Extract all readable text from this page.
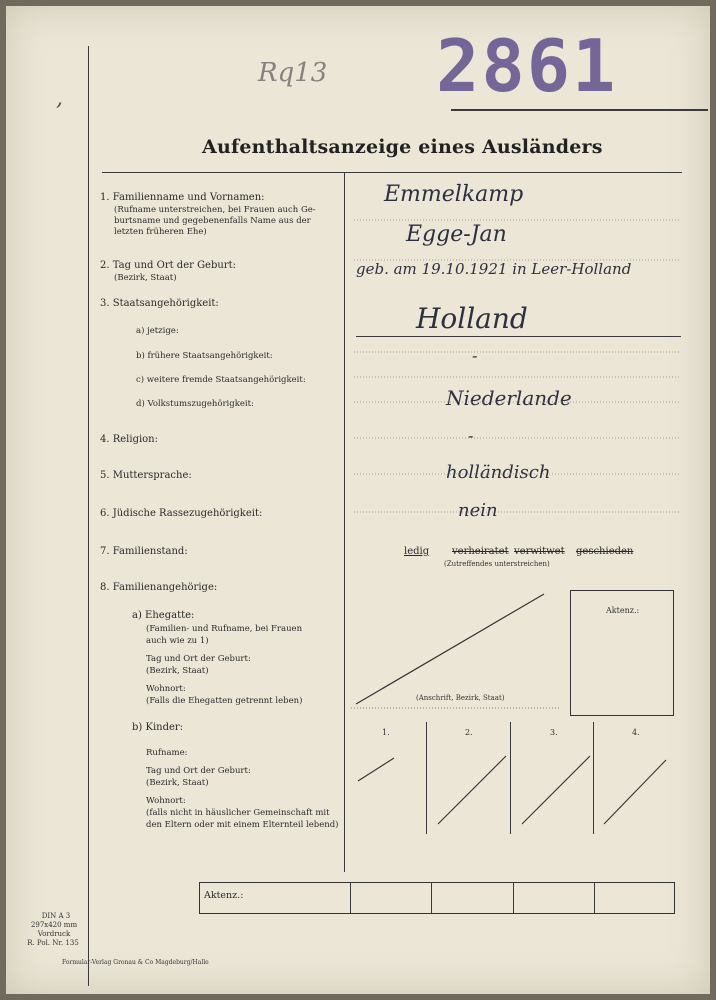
,
Rq13 2861
Aufenthaltsanzeige eines Ausländers
1. Familienname und Vornamen:
(Rufname unterstreichen, bei Frauen auch Ge-
burtsname und gegebenenfalls Name aus der
letzten früheren Ehe)
Emmelkamp
Egge-Jan
2. Tag und Ort der Geburt:
(Bezirk, Staat)	geb. am 19.10.1921 in Leer-Holland
3. Staatsangehörigkeit:
a) jetzige:	Holland
b) frühere Staatsangehörigkeit:	-
c) weitere fremde Staatsangehörigkeit:
d) Volkstumszugehörigkeit:	Niederlande
4. Religion:	-
5. Muttersprache:	holländisch
6. Jüdische Rassezugehörigkeit:	nein
7. Familienstand:	ledig verheiratet verwitwet geschieden
(Zutreffendes unterstreichen)
8. Familienangehörige:
a) Ehegatte:
(Familien- und Rufname, bei Frauen
auch wie zu 1)
Tag und Ort der Geburt:
(Bezirk, Staat)
Wohnort:
(Falls die Ehegatten getrennt leben)
b) Kinder:
Rufname:
Tag und Ort der Geburt:
(Bezirk, Staat)
Wohnort:
(falls nicht in häuslicher Gemeinschaft mit
den Eltern oder mit einem Elternteil lebend)
(Anschrift, Bezirk, Staat)
Aktenz.:
1.	2.	3.	4.
Aktenz.:
DIN A 3
297x420 mm
Vordruck
R. Pol. Nr. 135
Formular-Verlag Gronau & Co Magdeburg/Halle
